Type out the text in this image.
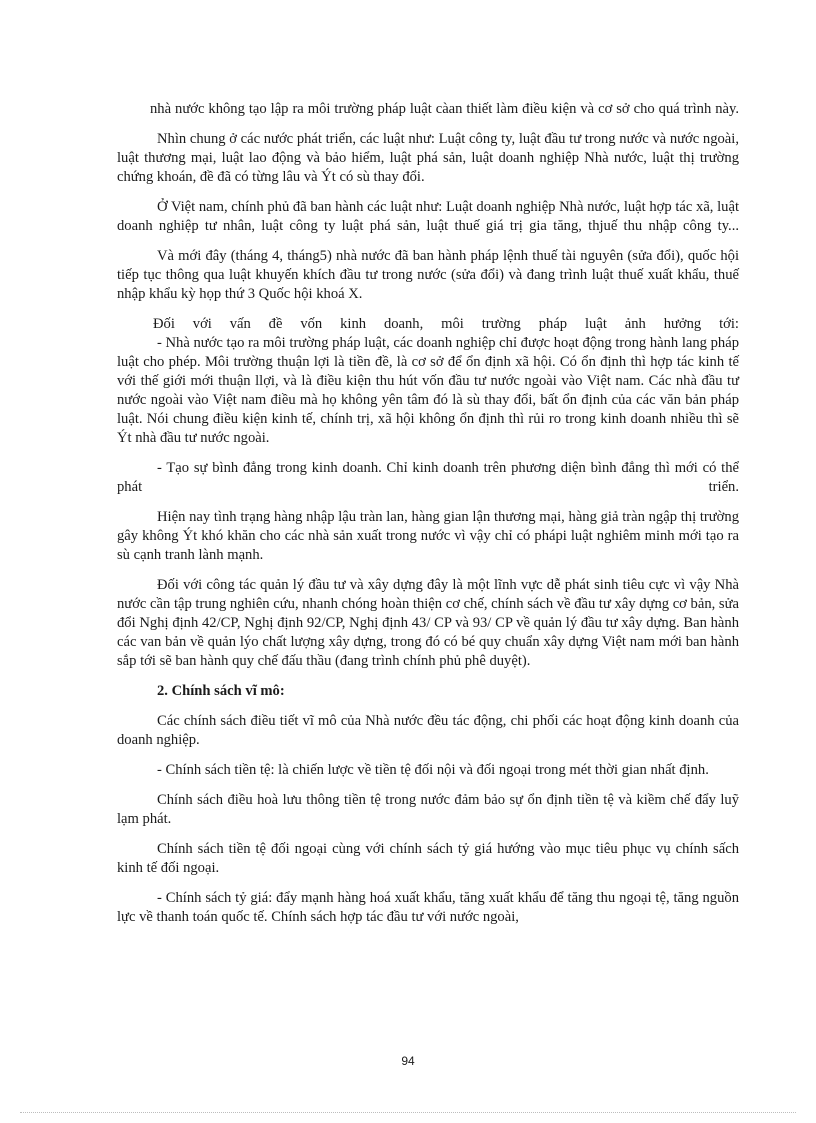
nhà nước không tạo lập ra môi trường pháp luật càan thiết làm điều kiện và cơ sở cho quá trình này.

Nhìn chung ở các nước phát triển, các luật như: Luật công ty, luật đầu tư trong nước và nước ngoài, luật thương mại, luật lao động và bảo hiểm, luật phá sản, luật doanh nghiệp Nhà nước, luật thị trường chứng khoán, đề đã có từng lâu và Ýt có sù thay đổi.

Ở Việt nam, chính phủ đã ban hành các luật như: Luật doanh nghiệp Nhà nước, luật hợp tác xã, luật doanh nghiệp tư nhân, luật công ty luật phá sản, luật thuế giá trị gia tăng, thjuế thu nhập công ty...

Và mới đây (tháng 4, tháng5) nhà nước đã ban hành pháp lệnh thuế tài nguyên (sửa đổi), quốc hội tiếp tục thông qua luật khuyến khích đầu tư trong nước (sửa đổi) và đang trình luật thuế xuất khẩu, thuế nhập khẩu kỳ họp thứ 3 Quốc hội khoá X.

Đối với vấn đề vốn kinh doanh, môi trường pháp luật ảnh hưởng tới:

- Nhà nước tạo ra môi trường pháp luật, các doanh nghiệp chỉ được hoạt động trong hành lang pháp luật cho phép. Môi trường thuận lợi là tiền đề, là cơ sở để ổn định xã hội. Có ổn định thì hợp tác kinh tế với thế giới mới thuận llợi, và là điều kiện thu hút vốn đầu tư nước ngoài vào Việt nam. Các nhà đầu tư nước ngoài vào Việt nam điều mà họ không yên tâm đó là sù thay đổi, bất ổn định của các văn bản pháp luật. Nói chung điều kiện kinh tế, chính trị, xã hội không ổn định thì rủi ro trong kinh doanh nhiều thì sẽ Ýt nhà đầu tư nước ngoài.

- Tạo sự bình đẳng trong kinh doanh. Chỉ kinh doanh trên phương diện bình đẳng thì mới có thể phát triển.

Hiện nay tình trạng hàng nhập lậu tràn lan, hàng gian lận thương mại, hàng giả tràn ngập thị trường gây không Ýt khó khăn cho các nhà sản xuất trong nước vì vậy chỉ có phápi luật nghiêm minh mới tạo ra sù cạnh tranh lành mạnh.

Đối với công tác quản lý đầu tư và xây dựng đây là một lĩnh vực dễ phát sinh tiêu cực vì vậy Nhà nước cần tập trung nghiên cứu, nhanh chóng hoàn thiện cơ chế, chính sách về đầu tư xây dựng cơ bản, sửa đổi Nghị định 42/CP, Nghị định 92/CP, Nghị định 43/ CP và 93/ CP về quản lý đầu tư xây dựng. Ban hành các van bản về quản lýo chất lượng xây dựng, trong đó có bé quy chuẩn xây dựng Việt nam mới ban hành sắp tới sẽ ban hành quy chế đấu thầu (đang trình chính phủ phê duyệt).

2. Chính sách vĩ mô:

Các chính sách điều tiết vĩ mô của Nhà nước đều tác động, chi phối các hoạt động kinh doanh của doanh nghiệp.

- Chính sách tiền tệ: là chiến lược về tiền tệ đối nội và đối ngoại trong mét thời gian nhất định.

Chính sách điều hoà lưu thông tiền tệ trong nước đảm bảo sự ổn định tiền tệ và kiềm chế đẩy luỹ lạm phát.

Chính sách tiền tệ đối ngoại cùng với chính sách tỷ giá hướng vào mục tiêu phục vụ chính sấch kinh tế đối ngoại.

- Chính sách tỷ giá: đẩy mạnh hàng hoá xuất khẩu, tăng xuất khẩu để tăng thu ngoại tệ, tăng nguồn lực về thanh toán quốc tế. Chính sách hợp tác đầu tư với nước ngoài,

94
